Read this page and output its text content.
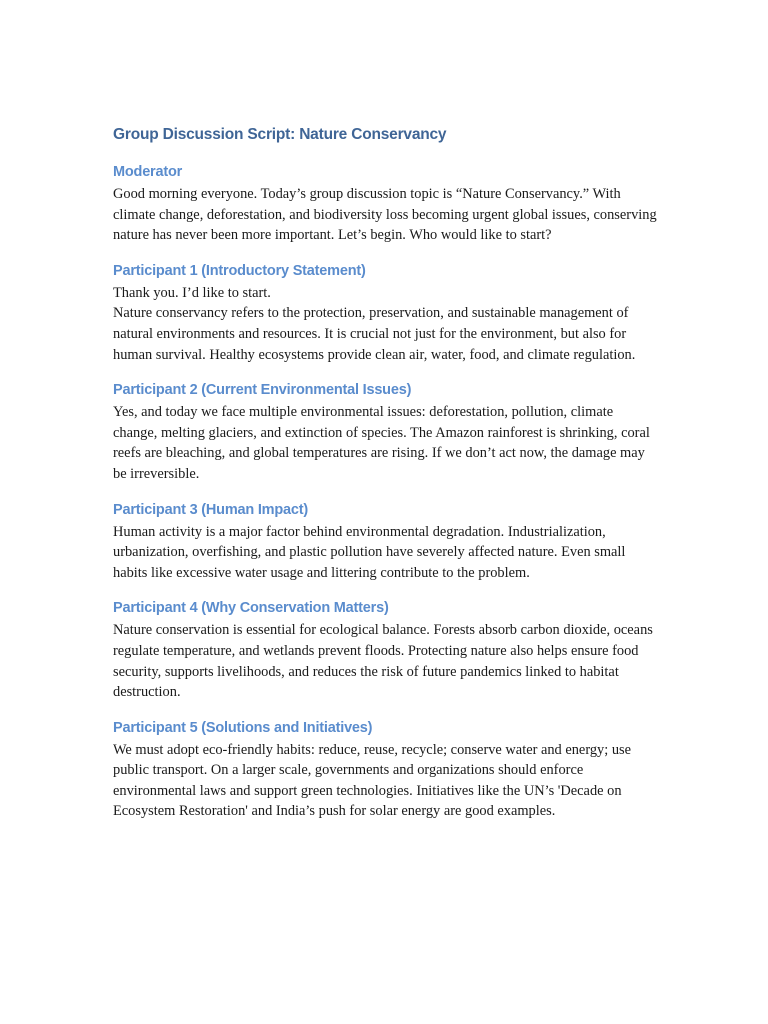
Group Discussion Script: Nature Conservancy
Moderator

Good morning everyone. Today’s group discussion topic is “Nature Conservancy.” With climate change, deforestation, and biodiversity loss becoming urgent global issues, conserving nature has never been more important. Let’s begin. Who would like to start?

Participant 1 (Introductory Statement)

Thank you. I’d like to start.

Nature conservancy refers to the protection, preservation, and sustainable management of natural environments and resources. It is crucial not just for the environment, but also for human survival. Healthy ecosystems provide clean air, water, food, and climate regulation.

Participant 2 (Current Environmental Issues)

Yes, and today we face multiple environmental issues: deforestation, pollution, climate change, melting glaciers, and extinction of species. The Amazon rainforest is shrinking, coral reefs are bleaching, and global temperatures are rising. If we don’t act now, the damage may be irreversible.

Participant 3 (Human Impact)

Human activity is a major factor behind environmental degradation. Industrialization, urbanization, overfishing, and plastic pollution have severely affected nature. Even small habits like excessive water usage and littering contribute to the problem.

Participant 4 (Why Conservation Matters)

Nature conservation is essential for ecological balance. Forests absorb carbon dioxide, oceans regulate temperature, and wetlands prevent floods. Protecting nature also helps ensure food security, supports livelihoods, and reduces the risk of future pandemics linked to habitat destruction.

Participant 5 (Solutions and Initiatives)

We must adopt eco-friendly habits: reduce, reuse, recycle; conserve water and energy; use public transport. On a larger scale, governments and organizations should enforce environmental laws and support green technologies. Initiatives like the UN’s 'Decade on Ecosystem Restoration' and India’s push for solar energy are good examples.
